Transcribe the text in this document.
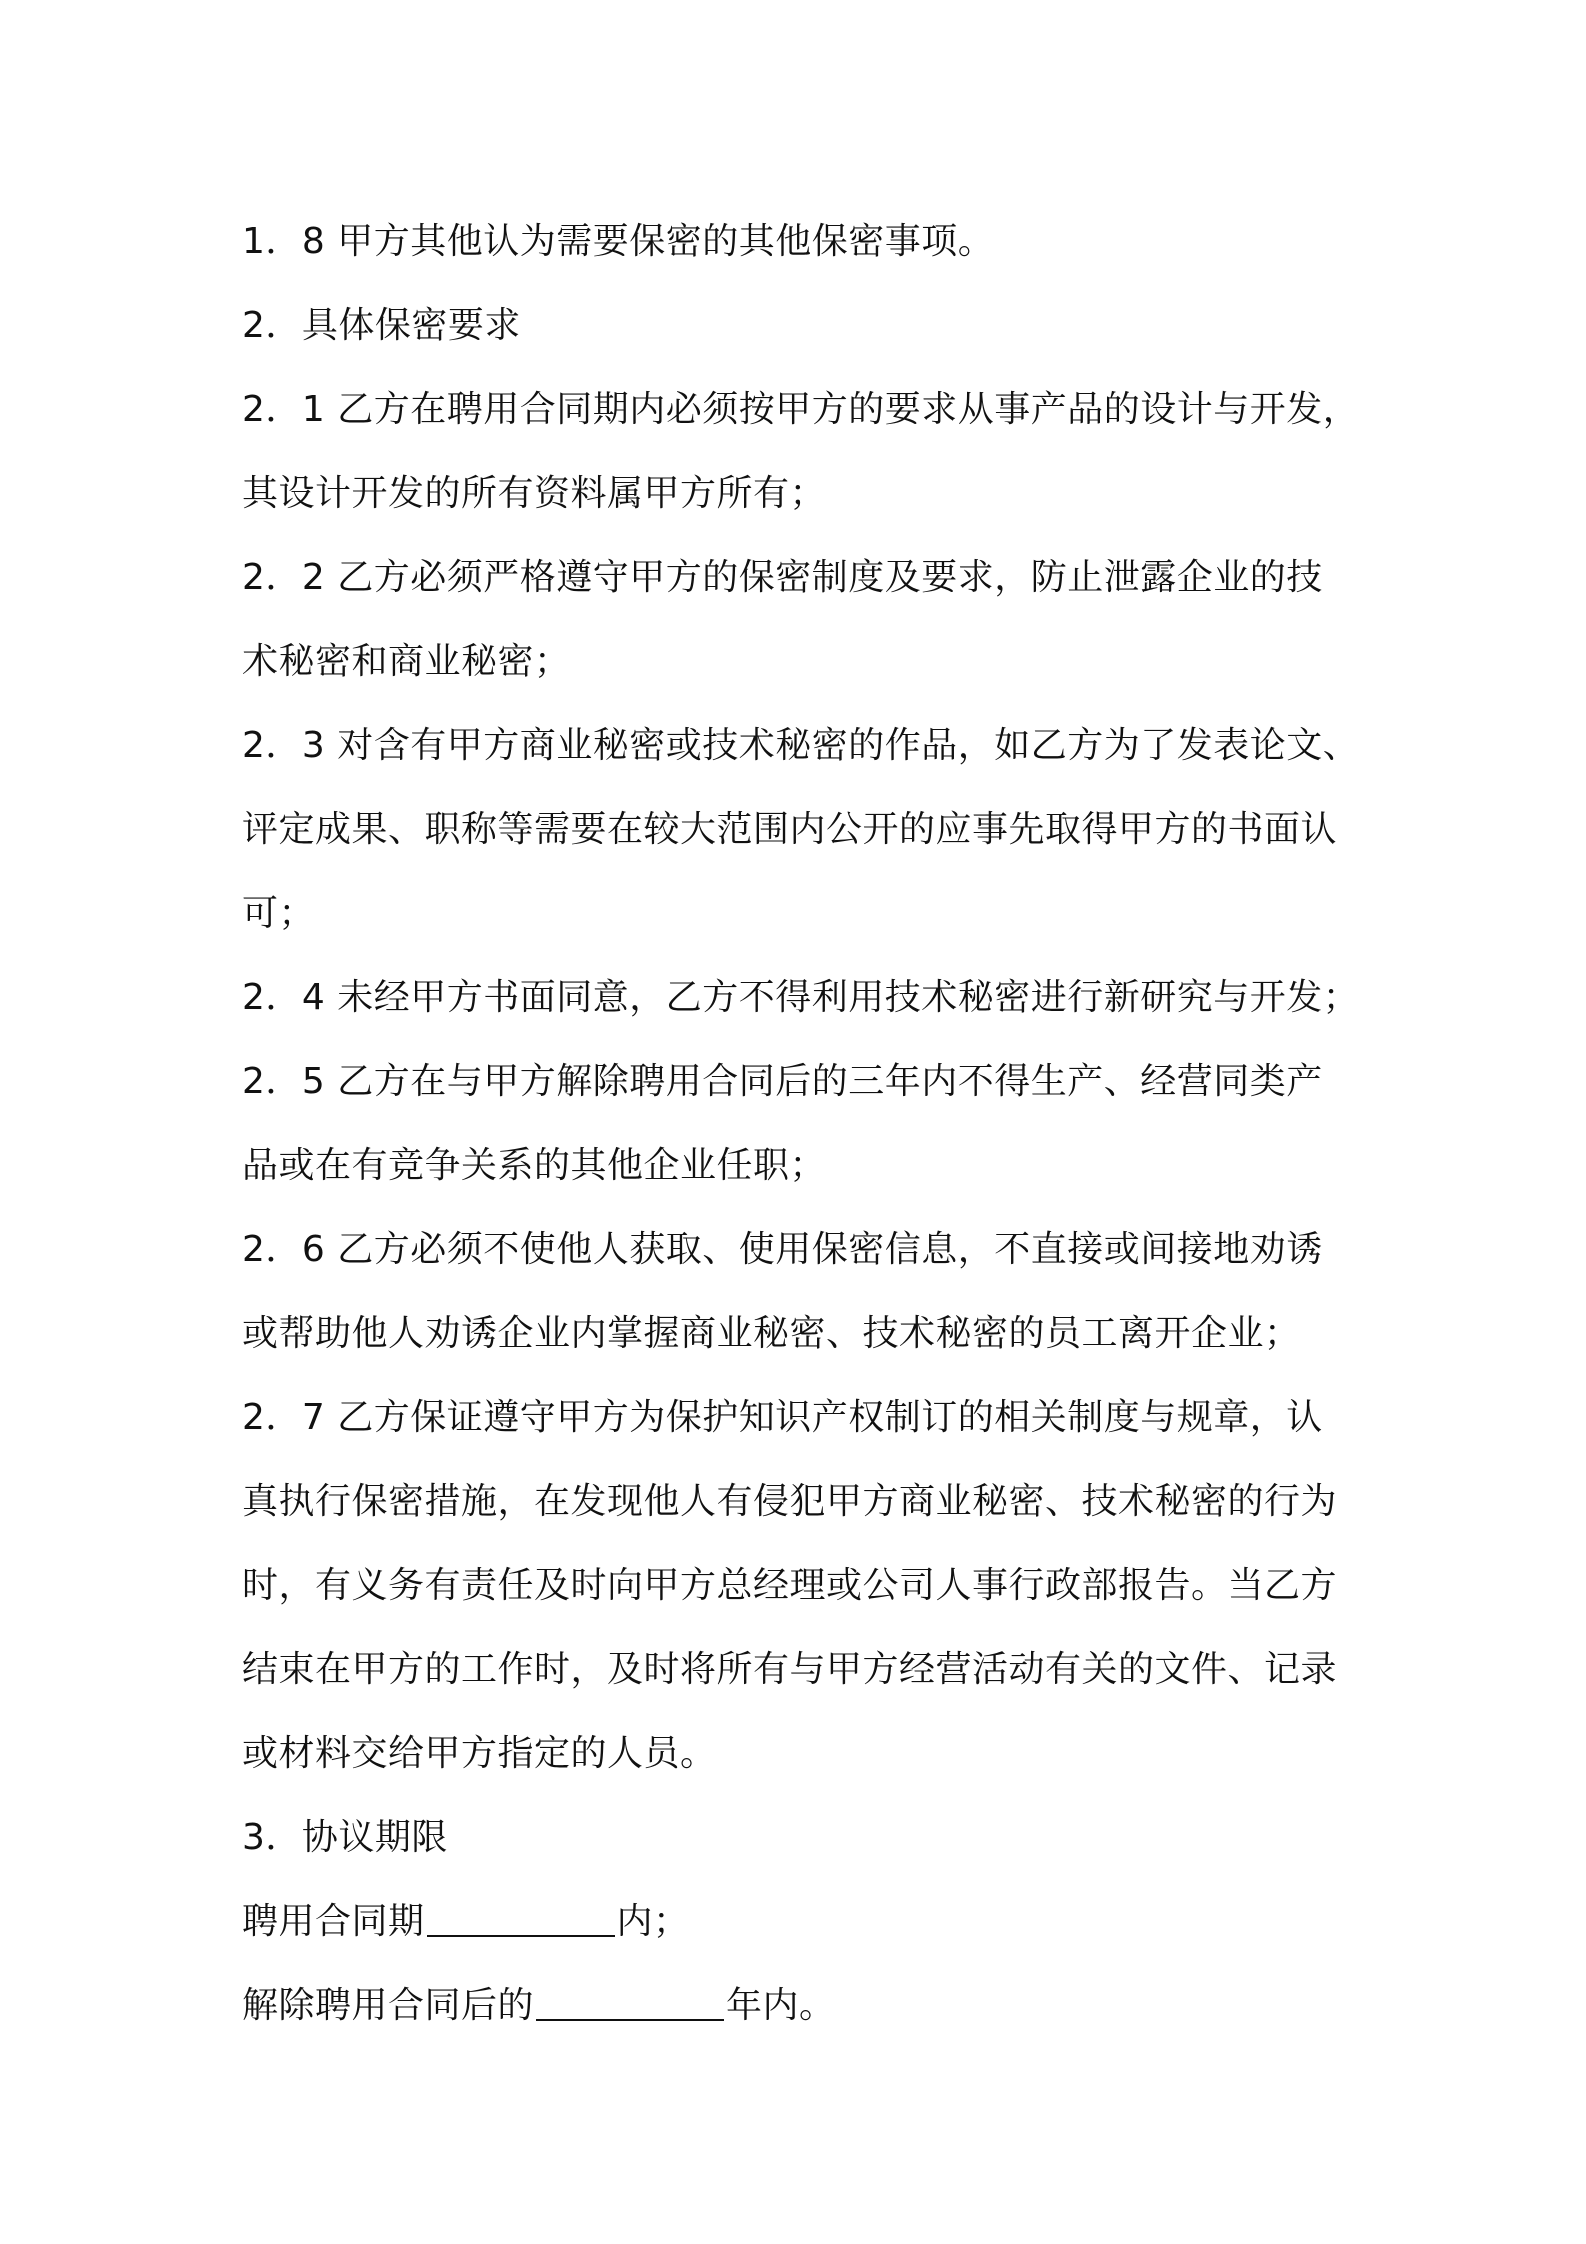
1．8 甲方其他认为需要保密的其他保密事项。
2．具体保密要求
2．1 乙方在聘用合同期内必须按甲方的要求从事产品的设计与开发，
其设计开发的所有资料属甲方所有；
2．2 乙方必须严格遵守甲方的保密制度及要求，防止泄露企业的技
术秘密和商业秘密；
2．3 对含有甲方商业秘密或技术秘密的作品，如乙方为了发表论文、
评定成果、职称等需要在较大范围内公开的应事先取得甲方的书面认
可；
2．4 未经甲方书面同意，乙方不得利用技术秘密进行新研究与开发；
2．5 乙方在与甲方解除聘用合同后的三年内不得生产、经营同类产
品或在有竞争关系的其他企业任职；
2．6 乙方必须不使他人获取、使用保密信息，不直接或间接地劝诱
或帮助他人劝诱企业内掌握商业秘密、技术秘密的员工离开企业；
2．7 乙方保证遵守甲方为保护知识产权制订的相关制度与规章，认
真执行保密措施，在发现他人有侵犯甲方商业秘密、技术秘密的行为
时，有义务有责任及时向甲方总经理或公司人事行政部报告。当乙方
结束在甲方的工作时，及时将所有与甲方经营活动有关的文件、记录
或材料交给甲方指定的人员。
3．协议期限
聘用合同期	内；
解除聘用合同后的	年内。
